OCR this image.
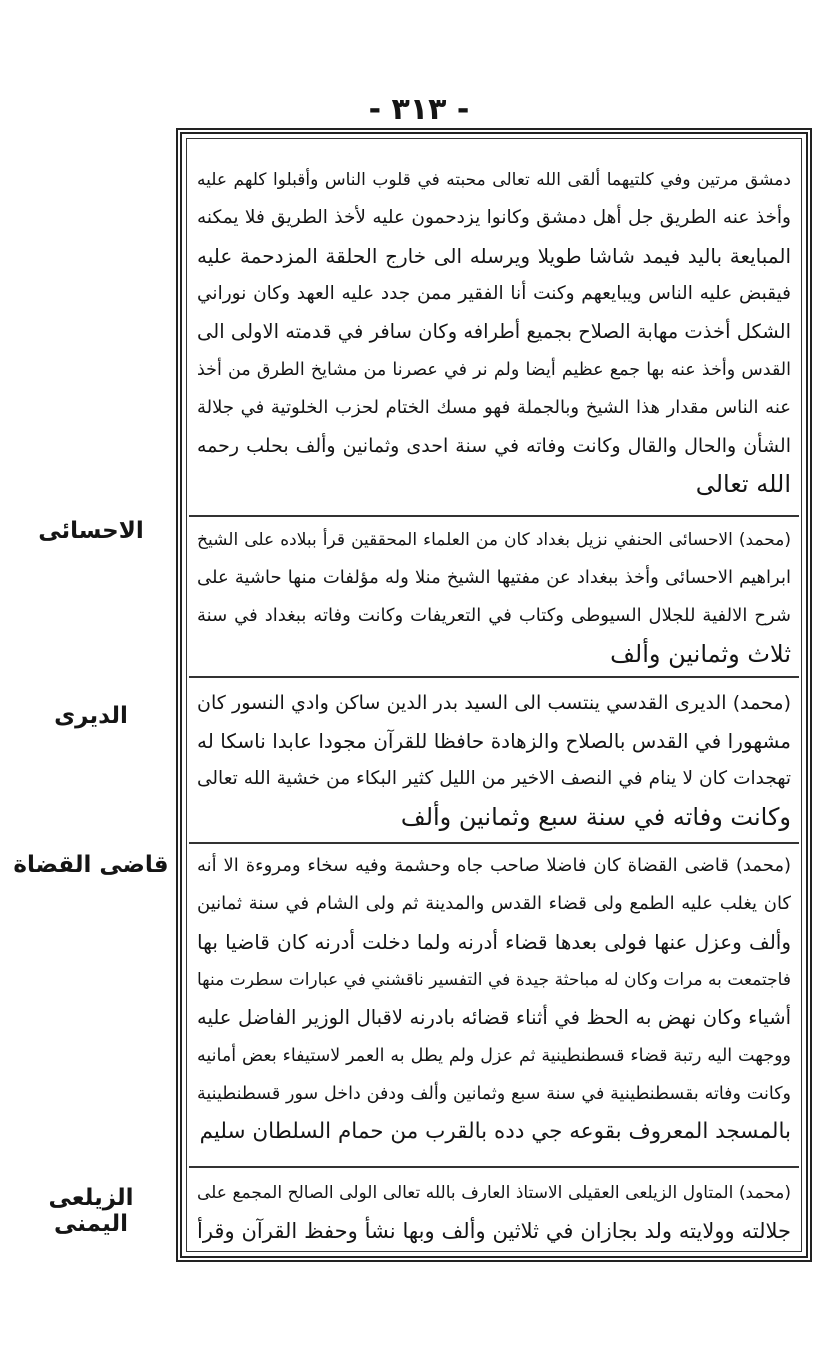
- ٣١٣ -
دمشق مرتين وفي كلتيهما ألقى الله تعالى محبته في قلوب الناس وأقبلوا كلهم عليه
وأخذ عنه الطريق جل أهل دمشق وكانوا يزدحمون عليه لأخذ الطريق فلا يمكنه
المبايعة باليد فيمد شاشا طويلا ويرسله الى خارج الحلقة المزدحمة عليه
فيقبض عليه الناس ويبايعهم وكنت أنا الفقير ممن جدد عليه العهد وكان نوراني
الشكل أخذت مهابة الصلاح بجميع أطرافه وكان سافر في قدمته الاولى الى
القدس وأخذ عنه بها جمع عظيم أيضا ولم نر في عصرنا من مشايخ الطرق من أخذ
عنه الناس مقدار هذا الشيخ وبالجملة فهو مسك الختام لحزب الخلوتية في جلالة
الشأن والحال والقال وكانت وفاته في سنة احدى وثمانين وألف بحلب رحمه
الله تعالى
(محمد) الاحسائى الحنفي نزيل بغداد كان من العلماء المحققين قرأ ببلاده على الشيخ
ابراهيم الاحسائى وأخذ ببغداد عن مفتيها الشيخ منلا وله مؤلفات منها حاشية على
شرح الالفية للجلال السيوطى وكتاب في التعريفات وكانت وفاته ببغداد في سنة
ثلاث وثمانين وألف
(محمد) الديرى القدسي ينتسب الى السيد بدر الدين ساكن وادي النسور كان
مشهورا في القدس بالصلاح والزهادة حافظا للقرآن مجودا عابدا ناسكا له
تهجدات كان لا ينام في النصف الاخير من الليل كثير البكاء من خشية الله تعالى
وكانت وفاته في سنة سبع وثمانين وألف
(محمد) قاضى القضاة كان فاضلا صاحب جاه وحشمة وفيه سخاء ومروءة الا أنه
كان يغلب عليه الطمع ولى قضاء القدس والمدينة ثم ولى الشام في سنة ثمانين
وألف وعزل عنها فولى بعدها قضاء أدرنه ولما دخلت أدرنه كان قاضيا بها
فاجتمعت به مرات وكان له مباحثة جيدة في التفسير ناقشني في عبارات سطرت منها
أشياء وكان نهض به الحظ في أثناء قضائه بادرنه لاقبال الوزير الفاضل عليه
ووجهت اليه رتبة قضاء قسطنطينية ثم عزل ولم يطل به العمر لاستيفاء بعض أمانيه
وكانت وفاته بقسطنطينية في سنة سبع وثمانين وألف ودفن داخل سور قسطنطينية
بالمسجد المعروف بقوعه جي دده بالقرب من حمام السلطان سليم
(محمد) المتاول الزيلعى العقيلى الاستاذ العارف بالله تعالى الولى الصالح المجمع على
جلالته وولايته ولد بجازان في ثلاثين وألف وبها نشأ وحفظ القرآن وقرأ
الاحسائى
الديرى
قاضى القضاة
الزيلعى اليمنى
